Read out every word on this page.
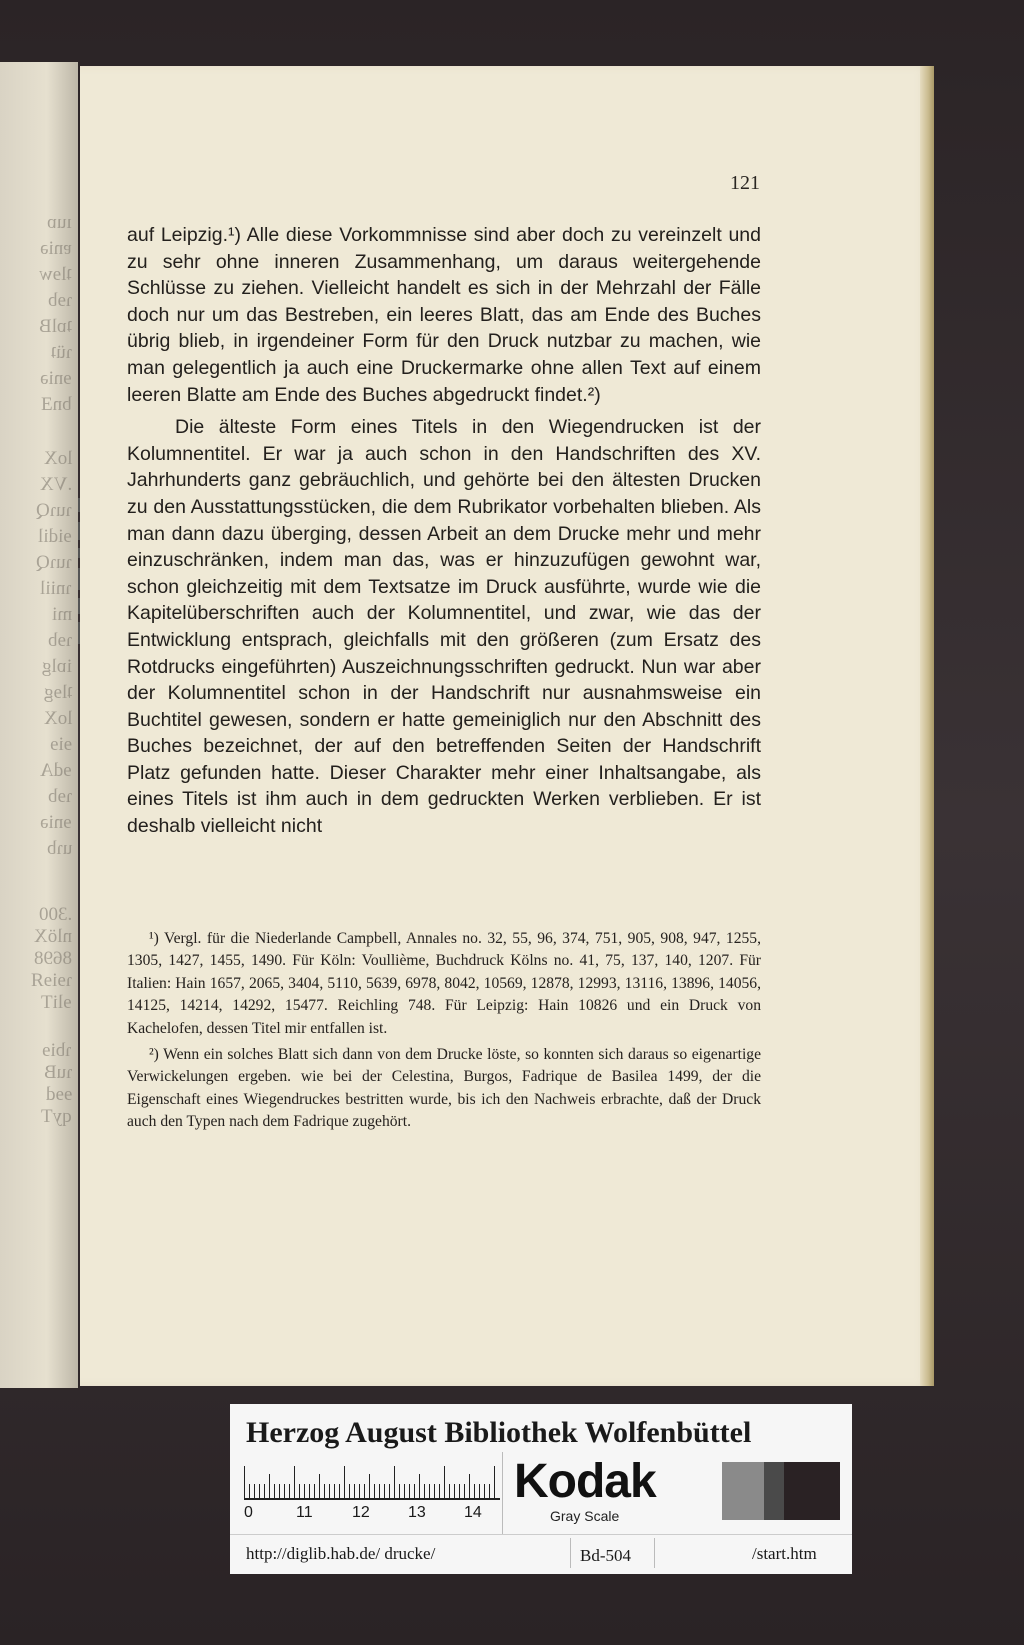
ıuɒ
ɐniə
ʇlɘw
ɿɘb
ʇɒlB
ɿüʇ
ɘniə
bnƎ
loX
.VX
ɿuɿQ
ɘidil
ɿuɿQ
ɿniil
mi
ɿɘb
iɒlg
ʇlɘg
loX
ɘiɘ
ɘdA
ɿɘb
ɘniə
uɿb
.300
nlöX
8698
ɿɘiɘЯ
ɘliT
ɿbiɘ
ɿuB
ɘɘd
qyT
121

auf Leipzig.¹) Alle diese Vorkommnisse sind aber doch zu vereinzelt und zu sehr ohne inneren Zusammenhang, um daraus weitergehende Schlüsse zu ziehen. Vielleicht handelt es sich in der Mehrzahl der Fälle doch nur um das Bestreben, ein leeres Blatt, das am Ende des Buches übrig blieb, in irgendeiner Form für den Druck nutzbar zu machen, wie man gelegentlich ja auch eine Druckermarke ohne allen Text auf einem leeren Blatte am Ende des Buches abgedruckt findet.²)

Die älteste Form eines Titels in den Wiegendrucken ist der Kolumnentitel. Er war ja auch schon in den Handschriften des XV. Jahrhunderts ganz gebräuchlich, und gehörte bei den ältesten Drucken zu den Ausstattungsstücken, die dem Rubrikator vorbehalten blieben. Als man dann dazu überging, dessen Arbeit an dem Drucke mehr und mehr einzuschränken, indem man das, was er hinzuzufügen gewohnt war, schon gleichzeitig mit dem Textsatze im Druck ausführte, wurde wie die Kapitelüberschriften auch der Kolumnentitel, und zwar, wie das der Entwicklung entsprach, gleichfalls mit den größeren (zum Ersatz des Rotdrucks eingeführten) Auszeichnungsschriften gedruckt. Nun war aber der Kolumnentitel schon in der Handschrift nur ausnahmsweise ein Buchtitel gewesen, sondern er hatte gemeiniglich nur den Abschnitt des Buches bezeichnet, der auf den betreffenden Seiten der Handschrift Platz gefunden hatte. Dieser Charakter mehr einer Inhaltsangabe, als eines Titels ist ihm auch in dem gedruckten Werken verblieben. Er ist deshalb vielleicht nicht

¹) Vergl. für die Niederlande Campbell, Annales no. 32, 55, 96, 374, 751, 905, 908, 947, 1255, 1305, 1427, 1455, 1490. Für Köln: Voullième, Buchdruck Kölns no. 41, 75, 137, 140, 1207. Für Italien: Hain 1657, 2065, 3404, 5110, 5639, 6978, 8042, 10569, 12878, 12993, 13116, 13896, 14056, 14125, 14214, 14292, 15477. Reichling 748. Für Leipzig: Hain 10826 und ein Druck von Kachelofen, dessen Titel mir entfallen ist.

²) Wenn ein solches Blatt sich dann von dem Drucke löste, so konnten sich daraus so eigenartige Verwickelungen ergeben. wie bei der Celestina, Burgos, Fadrique de Basilea 1499, der die Eigenschaft eines Wiegendruckes bestritten wurde, bis ich den Nachweis erbrachte, daß der Druck auch den Typen nach dem Fadrique zugehört.

Herzog August Bibliothek Wolfenbüttel
0	11 12 13 14
Kodak
Gray Scale
http://diglib.hab.de/ drucke/	Bd-504	/start.htm
